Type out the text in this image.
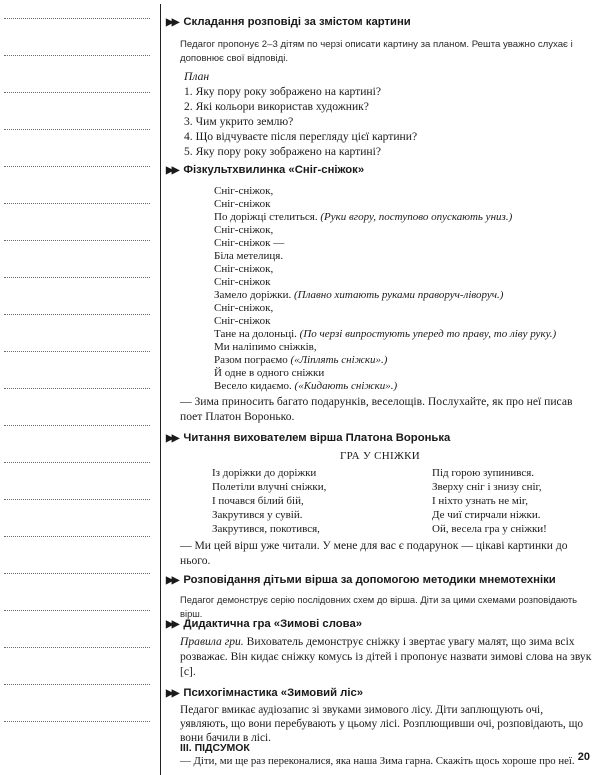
▶▶ Складання розповіді за змістом картини
Педагог пропонує 2–3 дітям по черзі описати картину за планом. Решта уважно слухає і доповнює свої відповіді.
План
1. Яку пору року зображено на картині?
2. Які кольори використав художник?
3. Чим укрито землю?
4. Що відчуваєте після перегляду цієї картини?
5. Яку пору року зображено на картині?
▶▶ Фізкультхвилинка «Сніг-сніжок»
Сніг-сніжок,
Сніг-сніжок
По доріжці стелиться. (Руки вгору, поступово опускають униз.)
Сніг-сніжок,
Сніг-сніжок —
Біла метелиця.
Сніг-сніжок,
Сніг-сніжок
Замело доріжки. (Плавно хитають руками праворуч-ліворуч.)
Сніг-сніжок,
Сніг-сніжок
Тане на долоньці. (По черзі випростують уперед то праву, то ліву руку.)
Ми наліпимо сніжків,
Разом пограємо («Ліплять сніжки».)
Й одне в одного сніжки
Весело кидаємо. («Кидають сніжки».)
— Зима приносить багато подарунків, веселощів. Послухайте, як про неї писав поет Платон Воронько.
▶▶ Читання вихователем вірша Платона Воронька
ГРА У СНІЖКИ
Із доріжки до доріжки
Полетіли влучні сніжки,
І почався білий бій,
Закрутився у сувій.
Закрутився, покотився,
Під горою зупинився.
Зверху сніг і знизу сніг,
І ніхто узнать не міг,
Де чиї стирчали ніжки.
Ой, весела гра у сніжки!
— Ми цей вірш уже читали. У мене для вас є подарунок — цікаві картинки до нього.
▶▶ Розповідання дітьми вірша за допомогою методики мнемотехніки
Педагог демонструє серію послідовних схем до вірша. Діти за цими схемами розповідають вірш.
▶▶ Дидактична гра «Зимові слова»
Правила гри. Вихователь демонструє сніжку і звертає увагу малят, що зима всіх розважає. Він кидає сніжку комусь із дітей і пропонує назвати зимові слова на звук [с].
▶▶ Психогімнастика «Зимовий ліс»
Педагог вмикає аудіозапис зі звуками зимового лісу. Діти заплющують очі, уявляють, що вони перебувають у цьому лісі. Розплющивши очі, розповідають, що вони бачили в лісі.
ІІІ. ПІДСУМОК
— Діти, ми ще раз переконалися, яка наша Зима гарна. Скажіть щось хороше про неї. 20
